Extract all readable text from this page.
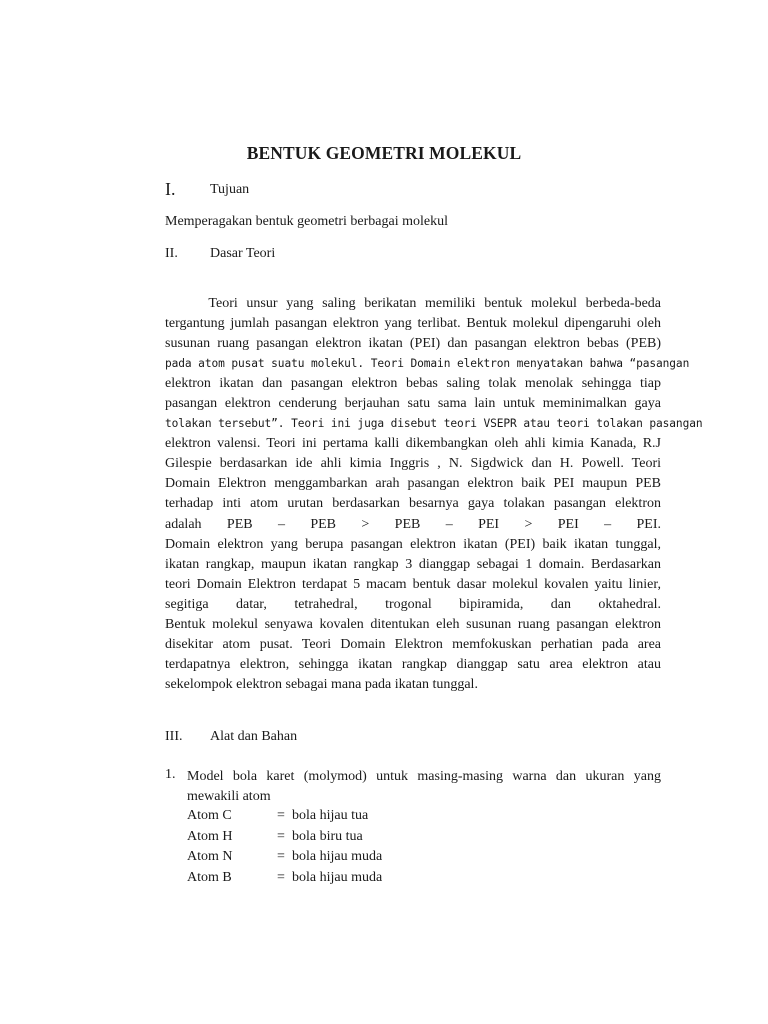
BENTUK GEOMETRI MOLEKUL
I. Tujuan
Memperagakan bentuk geometri berbagai molekul
II. Dasar Teori
Teori unsur yang saling berikatan memiliki bentuk molekul berbeda-beda
tergantung jumlah pasangan elektron yang terlibat. Bentuk molekul dipengaruhi oleh
susunan ruang pasangan elektron ikatan (PEI) dan pasangan elektron bebas (PEB)
pada atom pusat suatu molekul. Teori Domain elektron menyatakan bahwa “pasangan
elektron ikatan dan pasangan elektron bebas saling tolak menolak sehingga tiap
pasangan elektron cenderung berjauhan satu sama lain untuk meminimalkan gaya
tolakan tersebut”. Teori ini juga disebut teori VSEPR atau teori tolakan pasangan
elektron valensi. Teori ini pertama kalli dikembangkan oleh ahli kimia Kanada, R.J
Gilespie berdasarkan ide ahli kimia Inggris , N. Sigdwick dan H. Powell. Teori
Domain Elektron menggambarkan arah pasangan elektron baik PEI maupun PEB
terhadap inti atom urutan berdasarkan besarnya gaya tolakan pasangan elektron
adalah PEB – PEB > PEB – PEI > PEI – PEI.
Domain elektron yang berupa pasangan elektron ikatan (PEI) baik ikatan tunggal,
ikatan rangkap, maupun ikatan rangkap 3 dianggap sebagai 1 domain. Berdasarkan
teori Domain Elektron terdapat 5 macam bentuk dasar molekul kovalen yaitu linier,
segitiga datar, tetrahedral, trogonal bipiramida, dan oktahedral.
Bentuk molekul senyawa kovalen ditentukan eleh susunan ruang pasangan elektron
disekitar atom pusat. Teori Domain Elektron memfokuskan perhatian pada area
terdapatnya elektron, sehingga ikatan rangkap dianggap satu area elektron atau
sekelompok elektron sebagai mana pada ikatan tunggal.
III. Alat dan Bahan
1. Model bola karet (molymod) untuk masing-masing warna dan ukuran yang
mewakili atom
Atom C	= bola hijau tua
Atom H	= bola biru tua
Atom N	= bola hijau muda
Atom B	= bola hijau muda
